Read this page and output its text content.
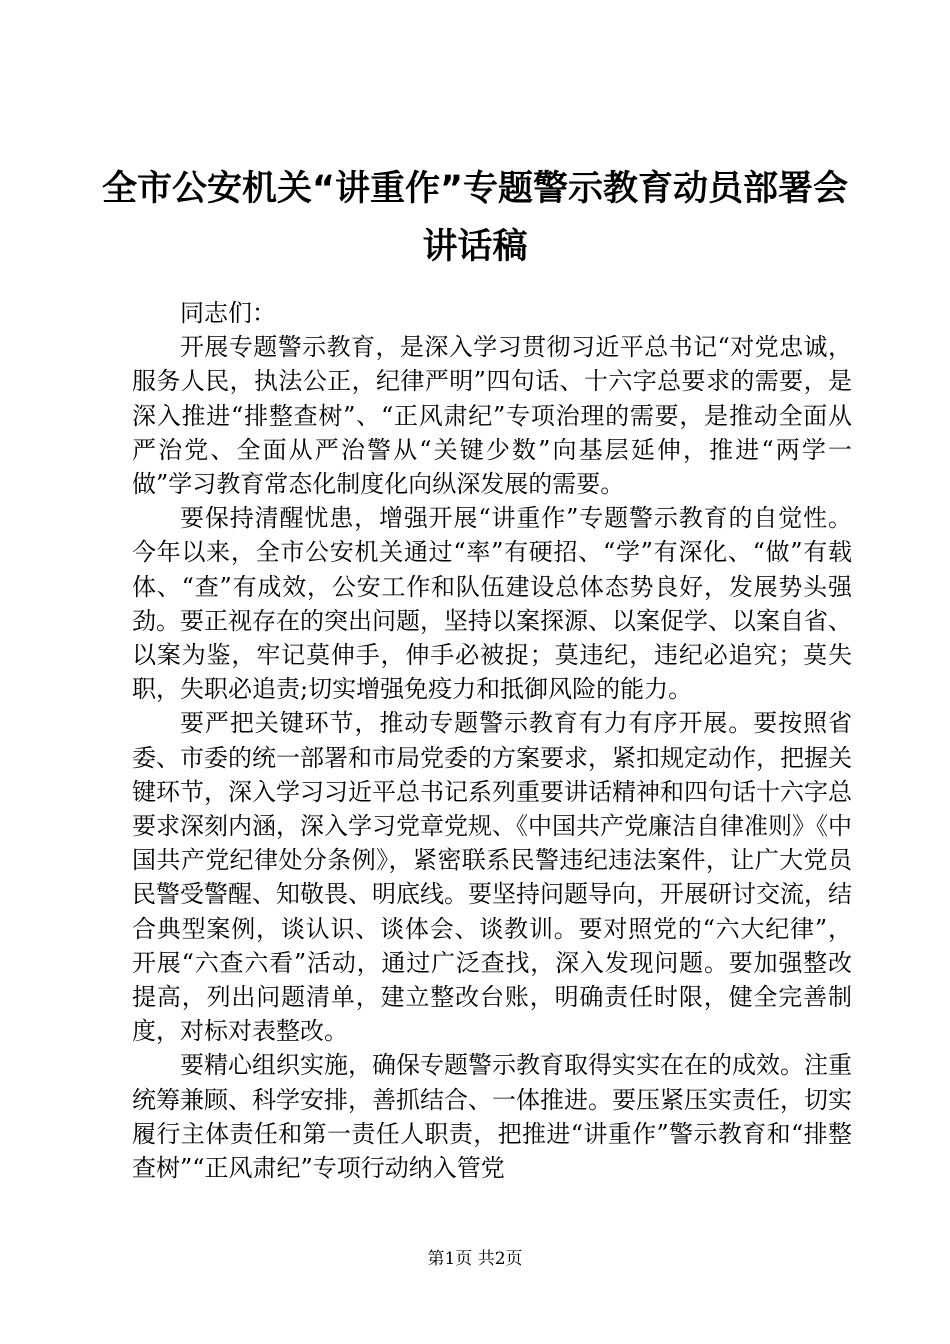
全市公安机关“讲重作”专题警示教育动员部署会讲话稿

同志们：

开展专题警示教育，是深入学习贯彻习近平总书记“对党忠诚，服务人民，执法公正，纪律严明”四句话、十六字总要求的需要，是深入推进“排整查树”、“正风肃纪”专项治理的需要，是推动全面从严治党、全面从严治警从“关键少数”向基层延伸，推进“两学一做”学习教育常态化制度化向纵深发展的需要。

要保持清醒忧患，增强开展“讲重作”专题警示教育的自觉性。今年以来，全市公安机关通过“率”有硬招、“学”有深化、“做”有载体、“查”有成效，公安工作和队伍建设总体态势良好，发展势头强劲。要正视存在的突出问题，坚持以案探源、以案促学、以案自省、以案为鉴，牢记莫伸手，伸手必被捉；莫违纪，违纪必追究；莫失职，失职必追责;切实增强免疫力和抵御风险的能力。

要严把关键环节，推动专题警示教育有力有序开展。要按照省委、市委的统一部署和市局党委的方案要求，紧扣规定动作，把握关键环节，深入学习习近平总书记系列重要讲话精神和四句话十六字总要求深刻内涵，深入学习党章党规、《中国共产党廉洁自律准则》《中国共产党纪律处分条例》，紧密联系民警违纪违法案件，让广大党员民警受警醒、知敬畏、明底线。要坚持问题导向，开展研讨交流，结合典型案例，谈认识、谈体会、谈教训。要对照党的“六大纪律”，开展“六查六看”活动，通过广泛查找，深入发现问题。要加强整改提高，列出问题清单，建立整改台账，明确责任时限，健全完善制度，对标对表整改。

要精心组织实施，确保专题警示教育取得实实在在的成效。注重统筹兼顾、科学安排，善抓结合、一体推进。要压紧压实责任，切实履行主体责任和第一责任人职责，把推进“讲重作”警示教育和“排整查树”“正风肃纪”专项行动纳入管党

第1页 共2页
